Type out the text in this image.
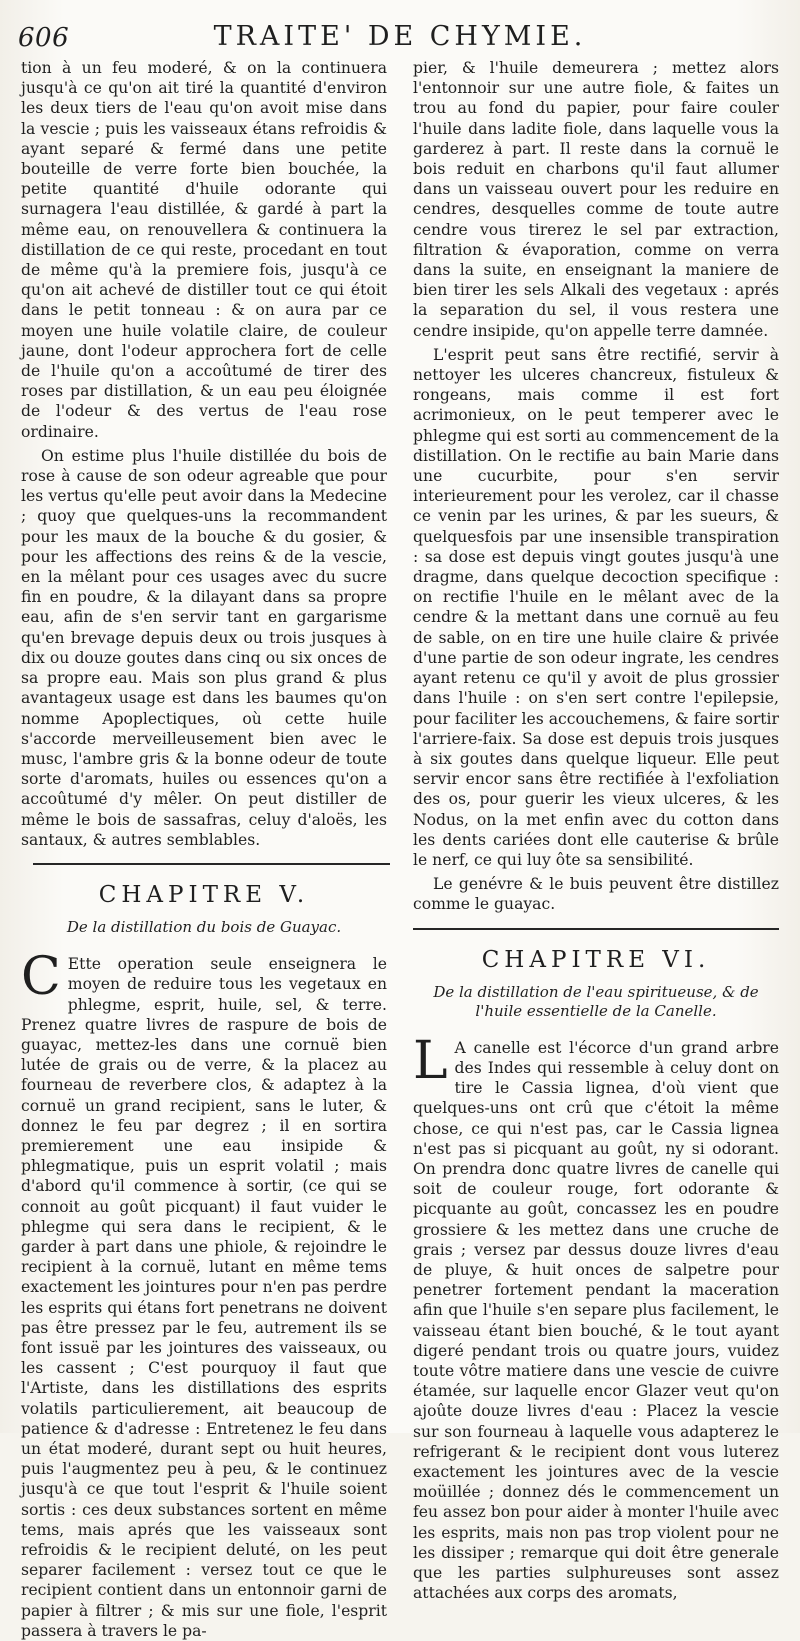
606	TRAITE' DE CHYMIE.

tion à un feu moderé, & on la continuera jusqu'à ce qu'on ait tiré la quantité d'environ les deux tiers de l'eau qu'on avoit mise dans la vescie ; puis les vaisseaux étans refroidis & ayant separé & fermé dans une petite bouteille de verre forte bien bouchée, la petite quantité d'huile odorante qui surnagera l'eau distillée, & gardé à part la même eau, on renouvellera & continuera la distillation de ce qui reste, procedant en tout de même qu'à la premiere fois, jusqu'à ce qu'on ait achevé de distiller tout ce qui étoit dans le petit tonneau : & on aura par ce moyen une huile volatile claire, de couleur jaune, dont l'odeur approchera fort de celle de l'huile qu'on a accoûtumé de tirer des roses par distillation, & un eau peu éloignée de l'odeur & des vertus de l'eau rose ordinaire.

On estime plus l'huile distillée du bois de rose à cause de son odeur agreable que pour les vertus qu'elle peut avoir dans la Medecine ; quoy que quelques-uns la recommandent pour les maux de la bouche & du gosier, & pour les affections des reins & de la vescie, en la mêlant pour ces usages avec du sucre fin en poudre, & la dilayant dans sa propre eau, afin de s'en servir tant en gargarisme qu'en brevage depuis deux ou trois jusques à dix ou douze goutes dans cinq ou six onces de sa propre eau. Mais son plus grand & plus avantageux usage est dans les baumes qu'on nomme Apoplectiques, où cette huile s'accorde merveilleusement bien avec le musc, l'ambre gris & la bonne odeur de toute sorte d'aromats, huiles ou essences qu'on a accoûtumé d'y mêler. On peut distiller de même le bois de sassafras, celuy d'aloës, les santaux, & autres semblables.

CHAPITRE V.
De la distillation du bois de Guayac.

C Ette operation seule enseignera le moyen de reduire tous les vegetaux en phlegme, esprit, huile, sel, & terre. Prenez quatre livres de raspure de bois de guayac, mettez-les dans une cornuë bien lutée de grais ou de verre, & la placez au fourneau de reverbere clos, & adaptez à la cornuë un grand recipient, sans le luter, & donnez le feu par degrez ; il en sortira premierement une eau insipide & phlegmatique, puis un esprit volatil ; mais d'abord qu'il commence à sortir, (ce qui se connoit au goût picquant) il faut vuider le phlegme qui sera dans le recipient, & le garder à part dans une phiole, & rejoindre le recipient à la cornuë, lutant en même tems exactement les jointures pour n'en pas perdre les esprits qui étans fort penetrans ne doivent pas être pressez par le feu, autrement ils se font issuë par les jointures des vaisseaux, ou les cassent ; C'est pourquoy il faut que l'Artiste, dans les distillations des esprits volatils particulierement, ait beaucoup de patience & d'adresse : Entretenez le feu dans un état moderé, durant sept ou huit heures, puis l'augmentez peu à peu, & le continuez jusqu'à ce que tout l'esprit & l'huile soient sortis : ces deux substances sortent en même tems, mais aprés que les vaisseaux sont refroidis & le recipient deluté, on les peut separer facilement : versez tout ce que le recipient contient dans un entonnoir garni de papier à filtrer ; & mis sur une fiole, l'esprit passera à travers le pa-

pier, & l'huile demeurera ; mettez alors l'entonnoir sur une autre fiole, & faites un trou au fond du papier, pour faire couler l'huile dans ladite fiole, dans laquelle vous la garderez à part. Il reste dans la cornuë le bois reduit en charbons qu'il faut allumer dans un vaisseau ouvert pour les reduire en cendres, desquelles comme de toute autre cendre vous tirerez le sel par extraction, filtration & évaporation, comme on verra dans la suite, en enseignant la maniere de bien tirer les sels Alkali des vegetaux : aprés la separation du sel, il vous restera une cendre insipide, qu'on appelle terre damnée.

L'esprit peut sans être rectifié, servir à nettoyer les ulceres chancreux, fistuleux & rongeans, mais comme il est fort acrimonieux, on le peut temperer avec le phlegme qui est sorti au commencement de la distillation. On le rectifie au bain Marie dans une cucurbite, pour s'en servir interieurement pour les verolez, car il chasse ce venin par les urines, & par les sueurs, & quelquesfois par une insensible transpiration : sa dose est depuis vingt goutes jusqu'à une dragme, dans quelque decoction specifique : on rectifie l'huile en le mêlant avec de la cendre & la mettant dans une cornuë au feu de sable, on en tire une huile claire & privée d'une partie de son odeur ingrate, les cendres ayant retenu ce qu'il y avoit de plus grossier dans l'huile : on s'en sert contre l'epilepsie, pour faciliter les accouchemens, & faire sortir l'arriere-faix. Sa dose est depuis trois jusques à six goutes dans quelque liqueur. Elle peut servir encor sans être rectifiée à l'exfoliation des os, pour guerir les vieux ulceres, & les Nodus, on la met enfin avec du cotton dans les dents cariées dont elle cauterise & brûle le nerf, ce qui luy ôte sa sensibilité.

Le genévre & le buis peuvent être distillez comme le guayac.

CHAPITRE VI.
De la distillation de l'eau spiritueuse, & de l'huile essentielle de la Canelle.

L A canelle est l'écorce d'un grand arbre des Indes qui ressemble à celuy dont on tire le Cassia lignea, d'où vient que quelques-uns ont crû que c'étoit la même chose, ce qui n'est pas, car le Cassia lignea n'est pas si picquant au goût, ny si odorant. On prendra donc quatre livres de canelle qui soit de couleur rouge, fort odorante & picquante au goût, concassez les en poudre grossiere & les mettez dans une cruche de grais ; versez par dessus douze livres d'eau de pluye, & huit onces de salpetre pour penetrer fortement pendant la maceration afin que l'huile s'en separe plus facilement, le vaisseau étant bien bouché, & le tout ayant digeré pendant trois ou quatre jours, vuidez toute vôtre matiere dans une vescie de cuivre étamée, sur laquelle encor Glazer veut qu'on ajoûte douze livres d'eau : Placez la vescie sur son fourneau à laquelle vous adapterez le refrigerant & le recipient dont vous luterez exactement les jointures avec de la vescie moüillée ; donnez dés le commencement un feu assez bon pour aider à monter l'huile avec les esprits, mais non pas trop violent pour ne les dissiper ; remarque qui doit être generale que les parties sulphureuses sont assez attachées aux corps des aromats,
